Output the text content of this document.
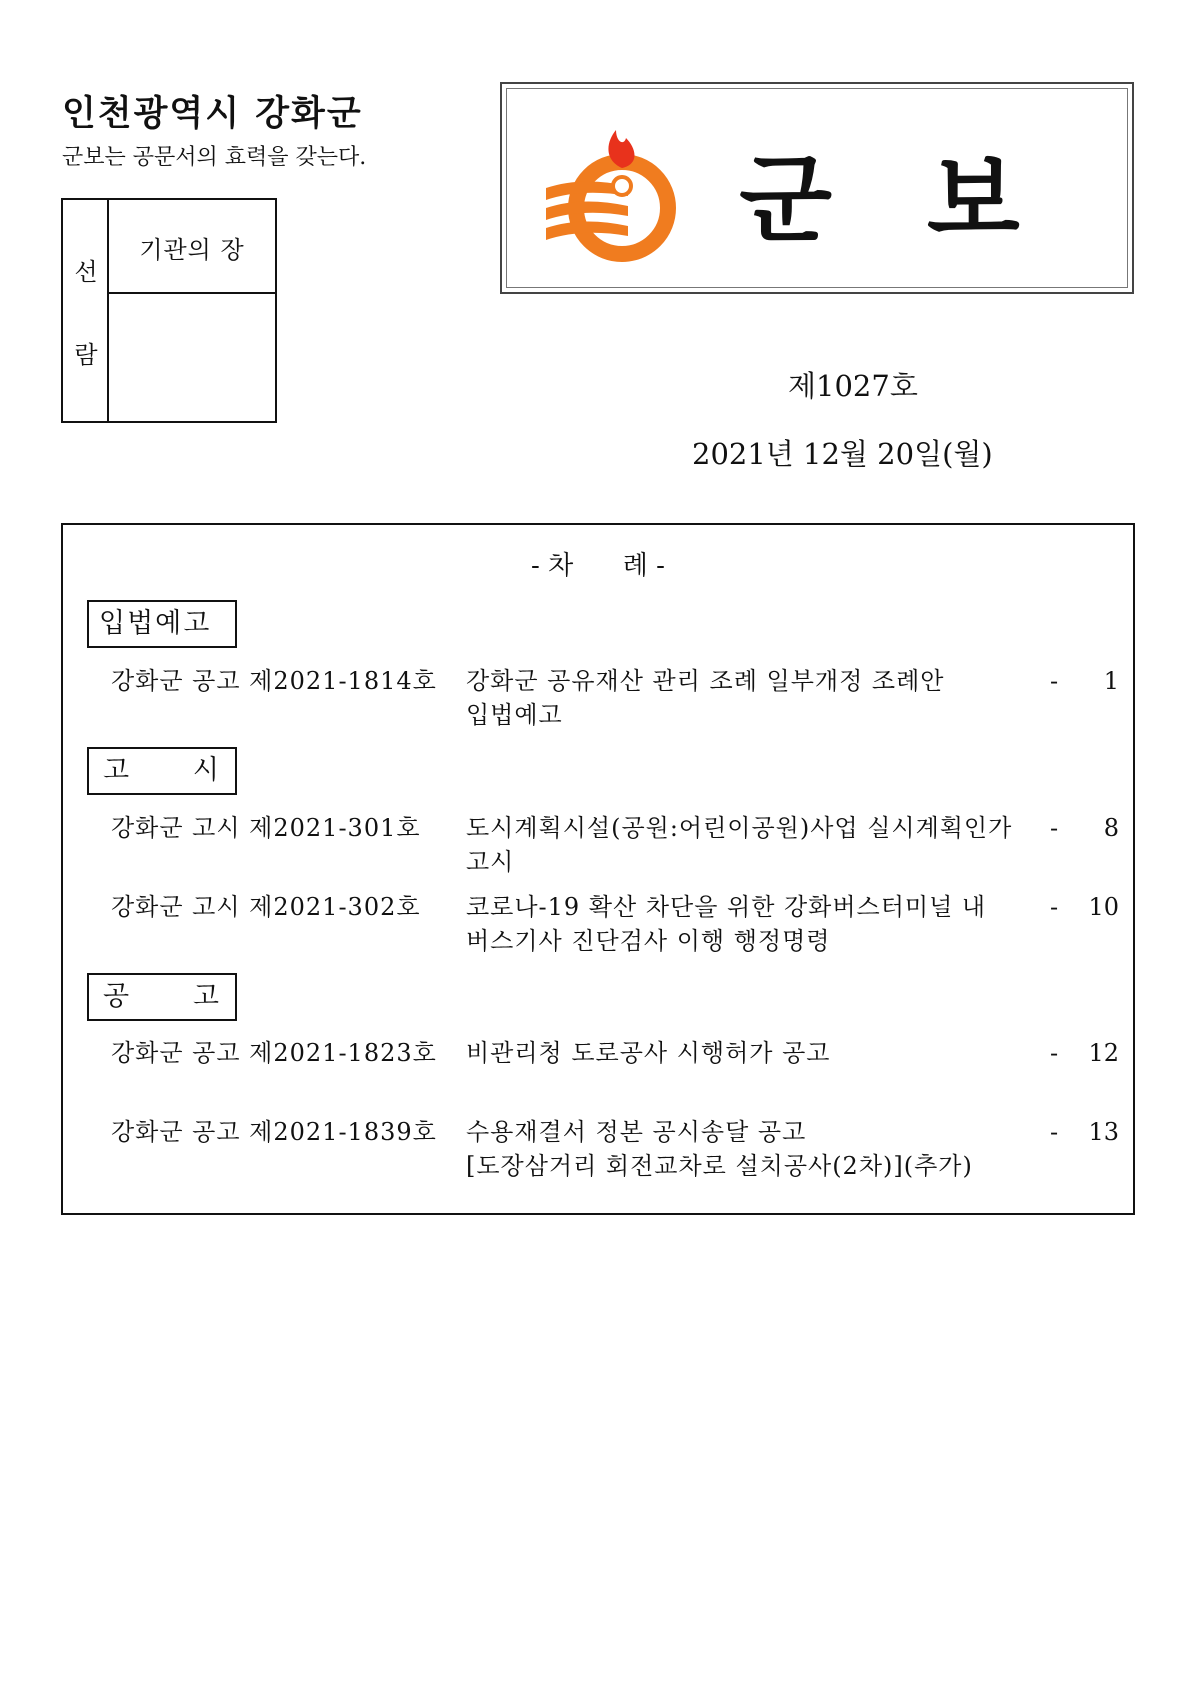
인천광역시 강화군
군보는 공문서의 효력을 갖는다.
선
람
기관의 장	군보
제1027호
2021년 12월 20일(월)
- 차      례 -
입법예고
강화군 공고 제2021-1814호 강화군 공유재산 관리 조례 일부개정 조례안
입법예고
- 1
고 시
강화군 고시 제2021-301호 도시계획시설(공원:어린이공원)사업 실시계획인가
고시
- 8
강화군 고시 제2021-302호 코로나-19 확산 차단을 위한 강화버스터미널 내
버스기사 진단검사 이행 행정명령
- 10
공 고
강화군 공고 제2021-1823호 비관리청 도로공사 시행허가 공고	- 12
강화군 공고 제2021-1839호 수용재결서 정본 공시송달 공고
[도장삼거리 회전교차로 설치공사(2차)](추가)
- 13
